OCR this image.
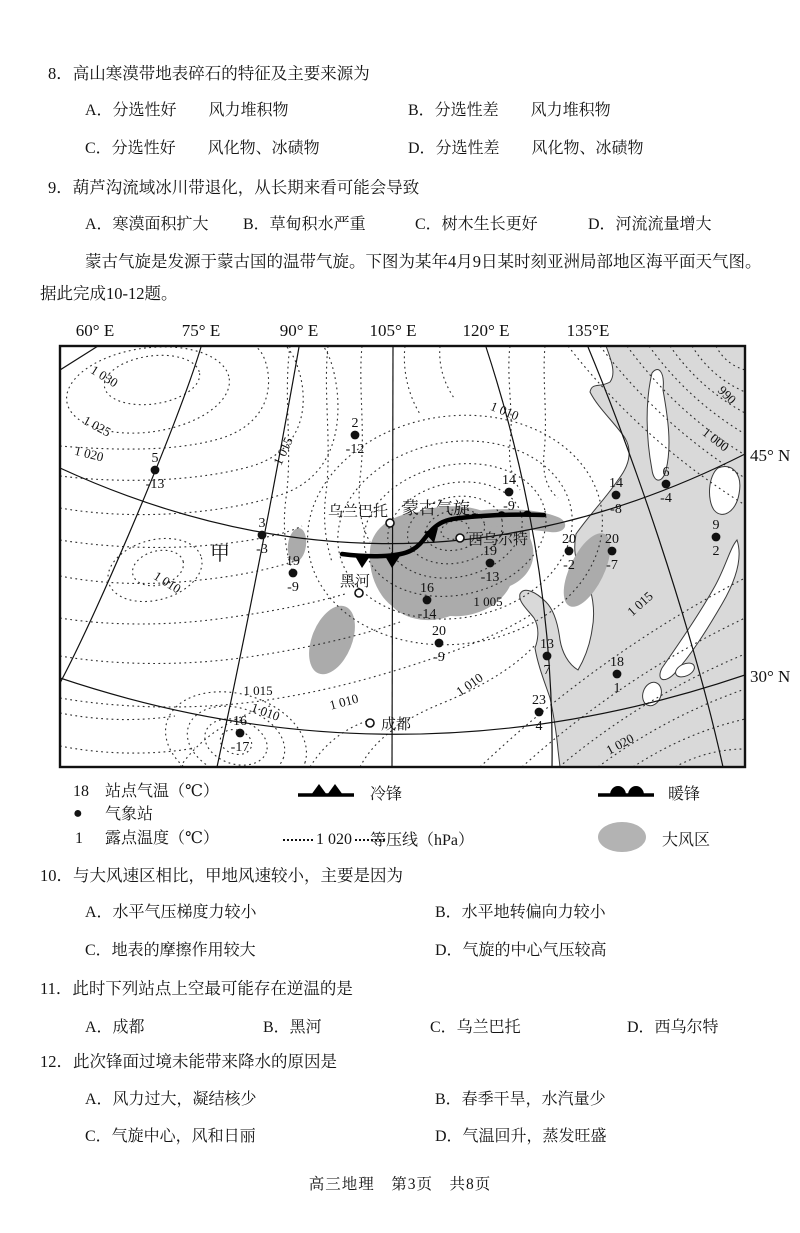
8．高山寒漠带地表碎石的特征及主要来源为
A．分选性好　　风力堆积物	B．分选性差　　风力堆积物
C．分选性好　　风化物、冰碛物	D．分选性差　　风化物、冰碛物
9．葫芦沟流域冰川带退化，从长期来看可能会导致
A．寒漠面积扩大 B．草甸积水严重	C．树木生长更好	D．河流流量增大
蒙古气旋是发源于蒙古国的温带气旋。下图为某年4月9日某时刻亚洲局部地区海平面天气图。
据此完成10-12题。
蒙古气旋
甲
60° E	75° E	90° E	105° E	120° E	135°E
45° N
30° N
1 030
1 025
1 020	1 015
1 010
1 010
990
1 000
1 005
1 015
1 010	1 010
1 010
1 015
1 020
5
-13
3
-3
2
-12
19
-9
19
-13
16
-14
20
-9
14
-9
14
-8
6
-4
9
2
20
-2
20
-7
13
7
18
1
23
4
16
-17
乌兰巴托
西乌尔特
黑河
成都
18 站点气温（℃）
● 气象站
1 露点温度（℃）
冷锋
1 020	等压线（hPa）
暖锋
大风区
10．与大风速区相比，甲地风速较小，主要是因为
A．水平气压梯度力较小	B．水平地转偏向力较小
C．地表的摩擦作用较大	D．气旋的中心气压较高
11．此时下列站点上空最可能存在逆温的是
A．成都	B．黑河	C．乌兰巴托	D．西乌尔特
12．此次锋面过境未能带来降水的原因是
A．风力过大，凝结核少	B．春季干旱，水汽量少
C．气旋中心，风和日丽	D．气温回升，蒸发旺盛
高三地理　第3页　共8页
